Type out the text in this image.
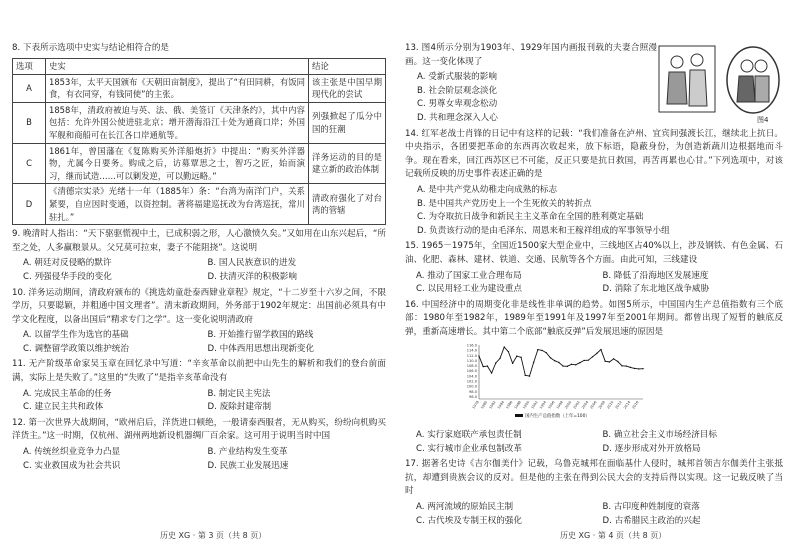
8. 下表所示选项中史实与结论相符合的是
选项	史实	结论
A	1853年，太平天国颁布《天朝田亩制度》，提出了“有田同耕，有饭同食，有衣同穿，有钱同使”的主张。	该主张是中国早期现代化的尝试
B	1858年，清政府被迫与英、法、俄、美签订《天津条约》，其中内容包括：允许外国公使进驻北京；增开潜海沿江十处为通商口岸；外国军舰和商船可在长江各口岸通航等。	列强掀起了瓜分中国的狂潮
C	1861年，曾国藩在《复陈购买外洋船炮折》中提出：“购买外洋器物，尤属今日要务。购成之后，访募覃思之士，智巧之匠，始而演习，继而试造……可以剿发逆，可以勤远略。”	洋务运动的目的是建立新的政治体制
D	《清德宗实录》光绪十一年（1885年）条：“台湾为南洋门户，关系紧要，自应因时变通，以资控制。著将福建巡抚改为台湾巡抚，常川驻扎。”	清政府强化了对台湾的管辖
9. 晚清时人指出：“天下驱驱慌视中土，已成积弱之形，人心激愤久矣。”又如用在山东兴起后，“所至之处，人多赢粮景从。父兄莫可拉束，妻子不能阻挠”。这说明
A. 朝廷对反侵略的默许	B. 国人民族意识的进发
C. 列强侵华手段的变化	D. 扶清灭洋的积极影响
10. 洋务运动期间，清政府颁布的《挑选幼童赴泰西肄业章程》规定，“十二岁至十六岁之间，不限学历，只要聪颖，并粗通中国文理者”。清末新政期间，外务部于1902年规定：出国前必须具有中学文化程度，以备出国后“精求专门之学”。这一变化说明清政府
A. 以留学生作为选官的基础	B. 开始推行留学救国的路线
C. 调整留学政策以维护统治	D. 中体西用思想出现新变化
11. 无产阶级革命家吴玉章在回忆录中写道：“辛亥革命以前把中山先生的解析和我们的登台前面满，实际上是失败了。”这里的“失败了”是指辛亥革命没有
A. 完成民主革命的任务	B. 制定民主宪法
C. 建立民主共和政体	D. 废除封建帝制
12. 第一次世界大战期间，“欧州启后，洋货进口顿绝，一般请泰西服者，无从购买，纷纷向机购买洋货主。”这一时期，仅杭州、湖州两地新设机器绸厂百余家。这可用于说明当时中国
A. 传统丝织业竞争力凸显	B. 产业结构发生变革
C. 实业救国成为社会共识	D. 民族工业发展迅速
13. 图4所示分别为1903年、1929年国内画报刊载的夫妻合照漫画。这一变化体现了
A. 受新式服装的影响
B. 社会阶层观念淡化
C. 男尊女卑观念松动
D. 共和理念深入人心	图4
14. 红军老战士肖锋的日记中有这样的记载：“我们准备在泸州、宜宾间强渡长江，继续北上抗日。中央指示，各团要把革命的东西再次收起来，放下标语，隐蔽身份，为创造新蔬川边根据地而斗争。现在看来，回江西苏区已不可能，反正只要是抗日救国，再苦再累也心甘。”下列选项中，对该记载所反映的历史事件表述正确的是
A. 是中共产党从幼稚走向成熟的标志
B. 是中国共产党历史上一个生死攸关的转折点
C. 为夺取抗日战争和新民主主义革命在全国的胜利奠定基础
D. 负责该行动的是由毛泽东、周恩来和王稼祥组成的军事领导小组
15. 1965－1975年，全国近1500家大型企业中，三线地区占40%以上，涉及钢铁、有色金属、石油、化肥、森林、建材、铁道、交通、民航等各个方面。由此可知，三线建设
A. 推动了国家工业合理布局	B. 降低了沿海地区发展速度
C. 以民用轻工业为建设重点	D. 消除了东北地区战争威胁
16. 中国经济中的周期变化非是线性非单调的趋势。如图5所示，中国国内生产总值指数有三个底部：1980年至1982年，1989年至1991年及1997年至2001年期间。都曾出现了短暂的触底反弹，重新高速增长。其中第二个底部“触底反弹”后发展迅速的原因是
116.0
114.0
112.0
110.0
108.0
106.0
104.0
102.0
100.0
98.0
96.0
1978 1980 1982 1984 1986 1988 1990 1992 1994 1996 1998 2000 2002 2004 2006 2008 2010 2012 2014 2016
国内生产总值指数（上年=100）
A. 实行家庭联产承包责任制	B. 确立社会主义市场经济目标
C. 实行城市企业承包制改革	D. 逐步形成对外开放格局
17. 据著名史诗《吉尔伽美什》记载，乌鲁克城邦在面临基什人侵时，城邦首领吉尔伽美什主张抵抗，却遭到贵族会议的反对。但是他的主张在得到公民大会的支持后得以实现。这一记载反映了当时
A. 两河流域的原始民主制	B. 古印度种姓制度的衰落
C. 古代埃及专制王权的强化	D. 古希腊民主政治的兴起
历史 XG · 第 3 页（共 8 页）	历史 XG · 第 4 页（共 8 页）
